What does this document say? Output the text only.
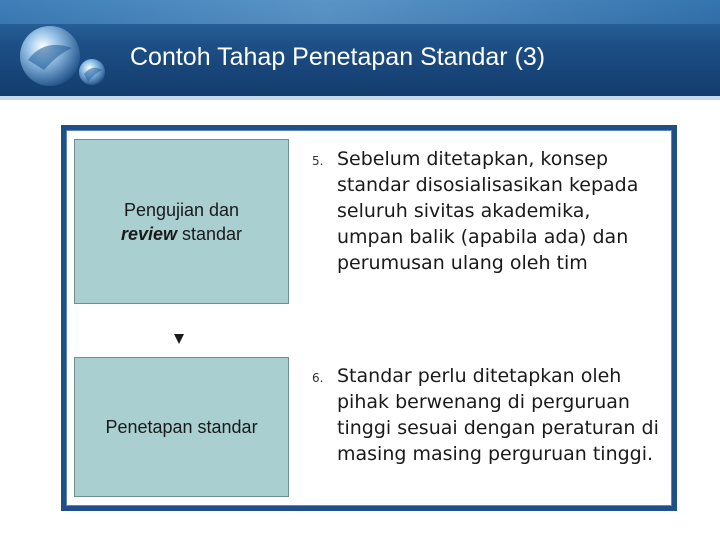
Contoh Tahap Penetapan Standar (3)
Pengujian dan
review standar
Penetapan standar
5. Sebelum ditetapkan, konsep standar disosialisasikan kepada seluruh sivitas akademika, umpan balik (apabila ada) dan perumusan ulang oleh tim
6. Standar perlu ditetapkan oleh pihak berwenang di perguruan tinggi sesuai dengan peraturan di masing masing perguruan tinggi.
